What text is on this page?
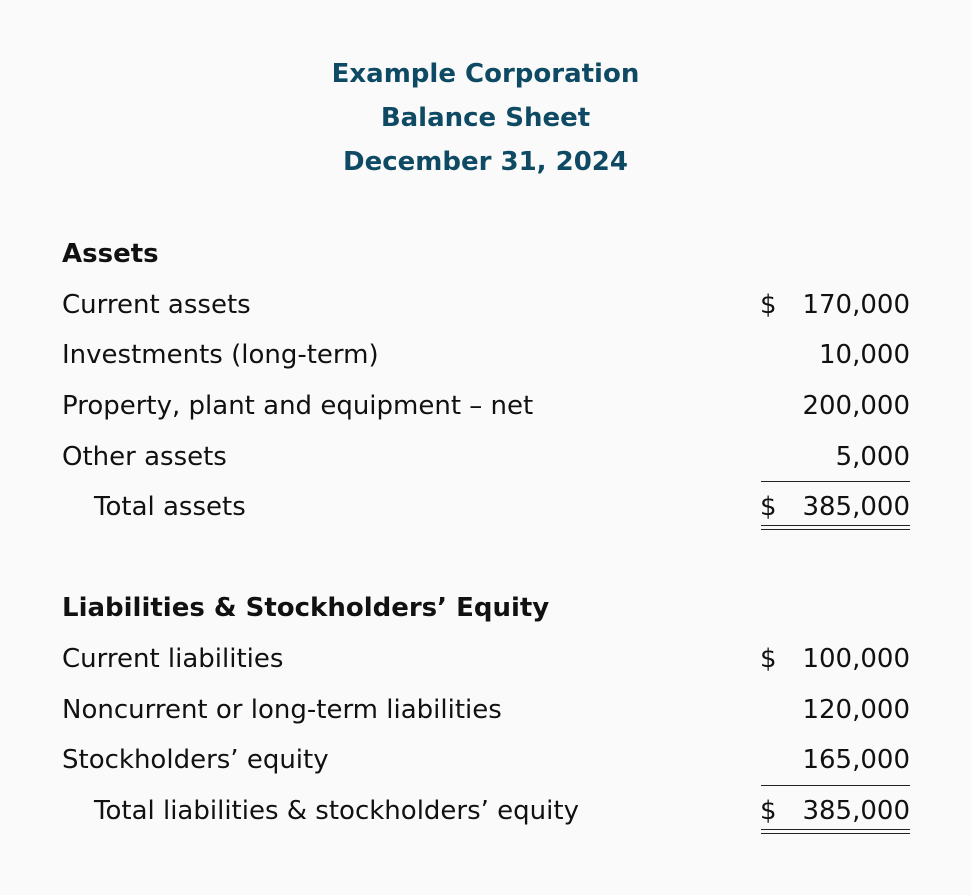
Example Corporation
Balance Sheet
December 31, 2024
Assets
Current assets	$ 170,000
Investments (long-term)	10,000
Property, plant and equipment – net	200,000
Other assets	5,000
Total assets	$ 385,000
Liabilities & Stockholders’ Equity
Current liabilities	$ 100,000
Noncurrent or long-term liabilities	120,000
Stockholders’ equity	165,000
Total liabilities & stockholders’ equity	$ 385,000
